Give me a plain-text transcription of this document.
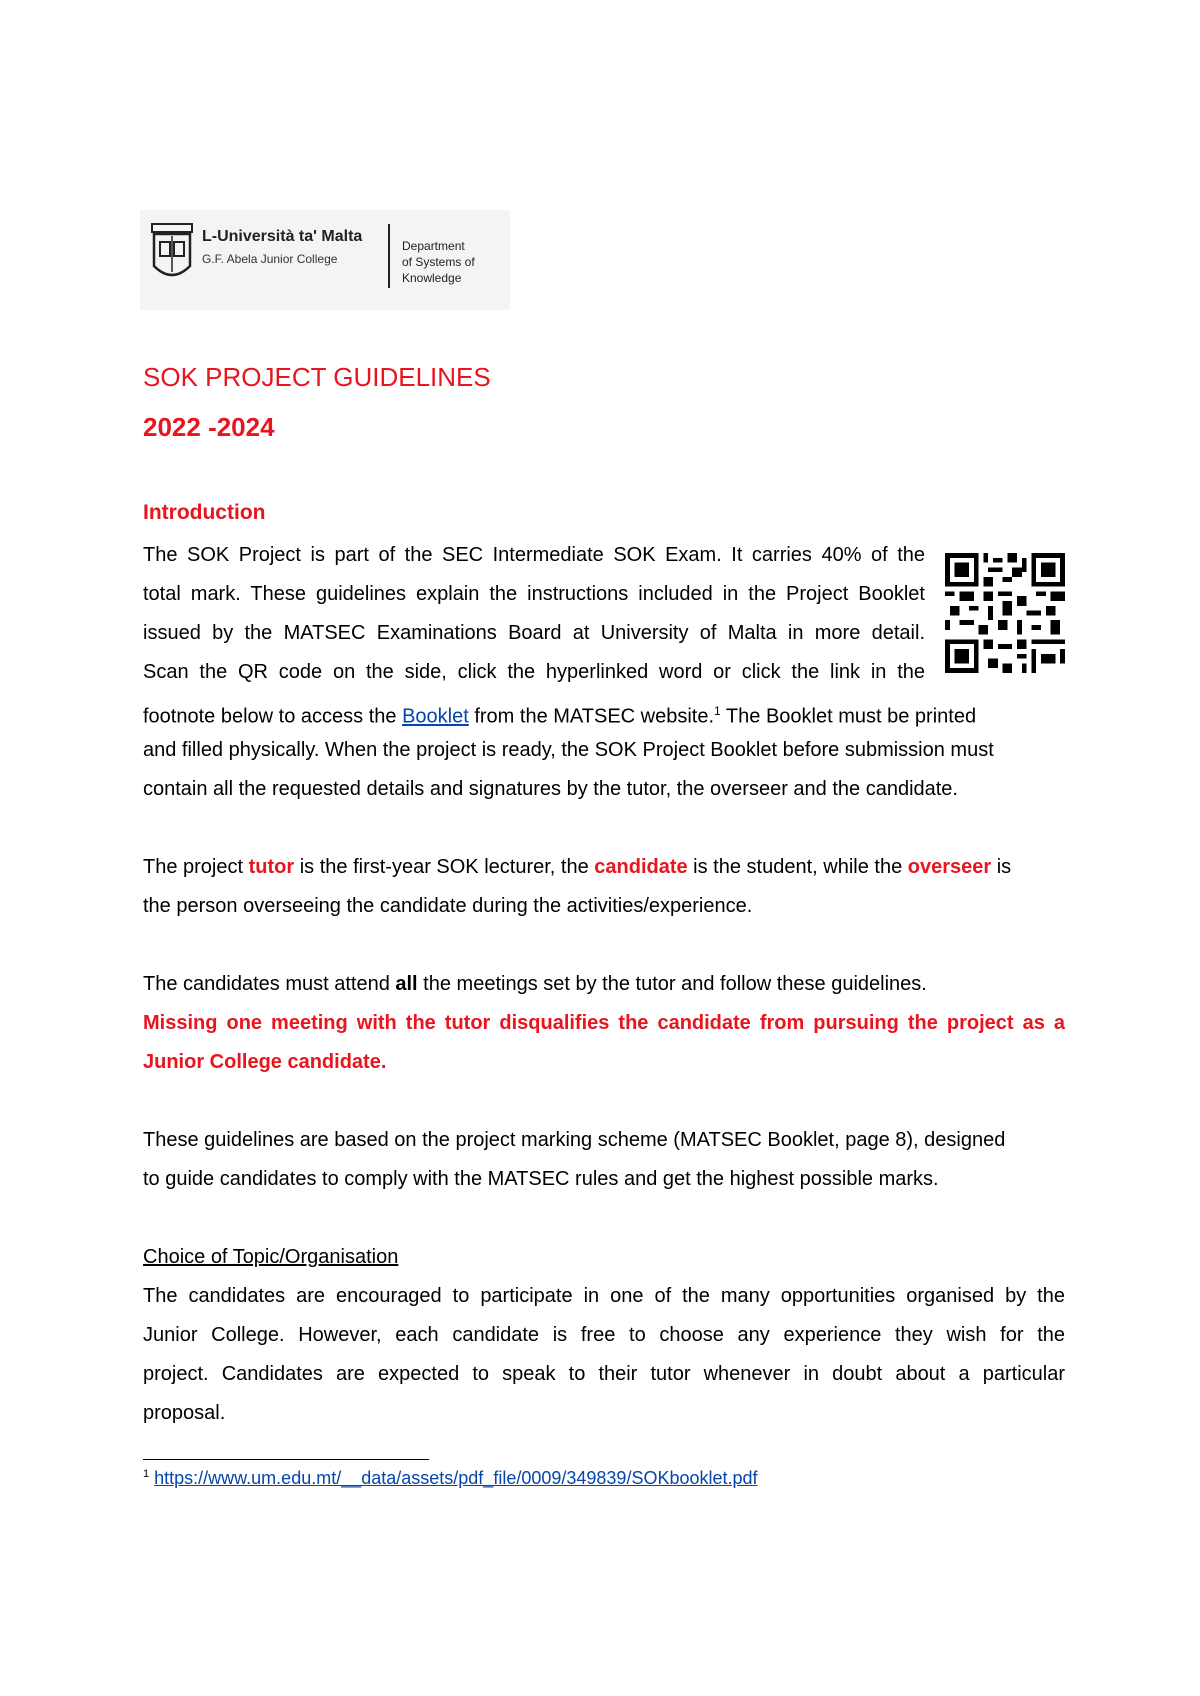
L-Università ta' Malta
G.F. Abela Junior College
Department
of Systems of
Knowledge
SOK PROJECT GUIDELINES
2022 -2024
Introduction
The SOK Project is part of the SEC Intermediate SOK Exam. It carries 40% of the
total mark. These guidelines explain the instructions included in the Project Booklet
issued by the MATSEC Examinations Board at University of Malta in more detail.
Scan the QR code on the side, click the hyperlinked word or click the link in the
footnote below to access the Booklet from the MATSEC website.$^1$ The Booklet must be printed
and filled physically. When the project is ready, the SOK Project Booklet before submission must
contain all the requested details and signatures by the tutor, the overseer and the candidate.
The project tutor is the first-year SOK lecturer, the candidate is the student, while the overseer is
the person overseeing the candidate during the activities/experience.
The candidates must attend all the meetings set by the tutor and follow these guidelines.
Missing one meeting with the tutor disqualifies the candidate from pursuing the project as a
Junior College candidate.
These guidelines are based on the project marking scheme (MATSEC Booklet, page 8), designed
to guide candidates to comply with the MATSEC rules and get the highest possible marks.
Choice of Topic/Organisation
The candidates are encouraged to participate in one of the many opportunities organised by the
Junior College. However, each candidate is free to choose any experience they wish for the
project. Candidates are expected to speak to their tutor whenever in doubt about a particular
proposal.
$^1$ https://www.um.edu.mt/__data/assets/pdf_file/0009/349839/SOKbooklet.pdf
